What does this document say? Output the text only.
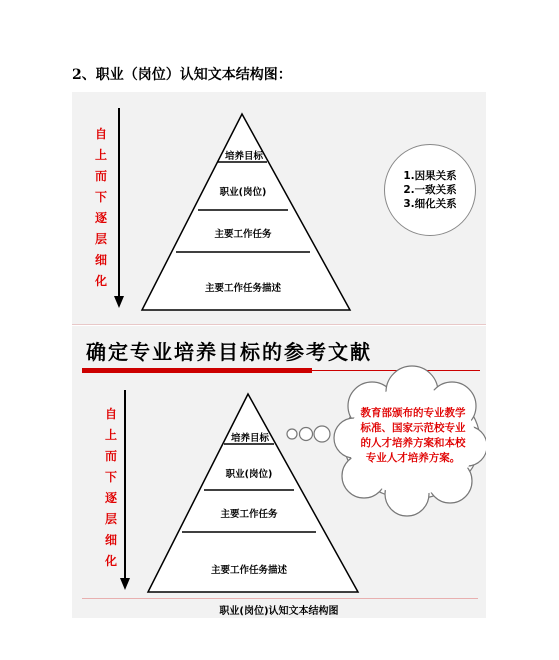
2、职业（岗位）认知文本结构图：
自
上
而
下
逐
层
细
化
培养目标
职业(岗位)
主要工作任务
主要工作任务描述
1.因果关系
2.一致关系
3.细化关系
确定专业培养目标的参考文献
自
上
而
下
逐
层
细
化
培养目标
职业(岗位)
主要工作任务
主要工作任务描述
教育部颁布的专业教学标准、国家示范校专业的人才培养方案和本校专业人才培养方案。
职业(岗位)认知文本结构图
